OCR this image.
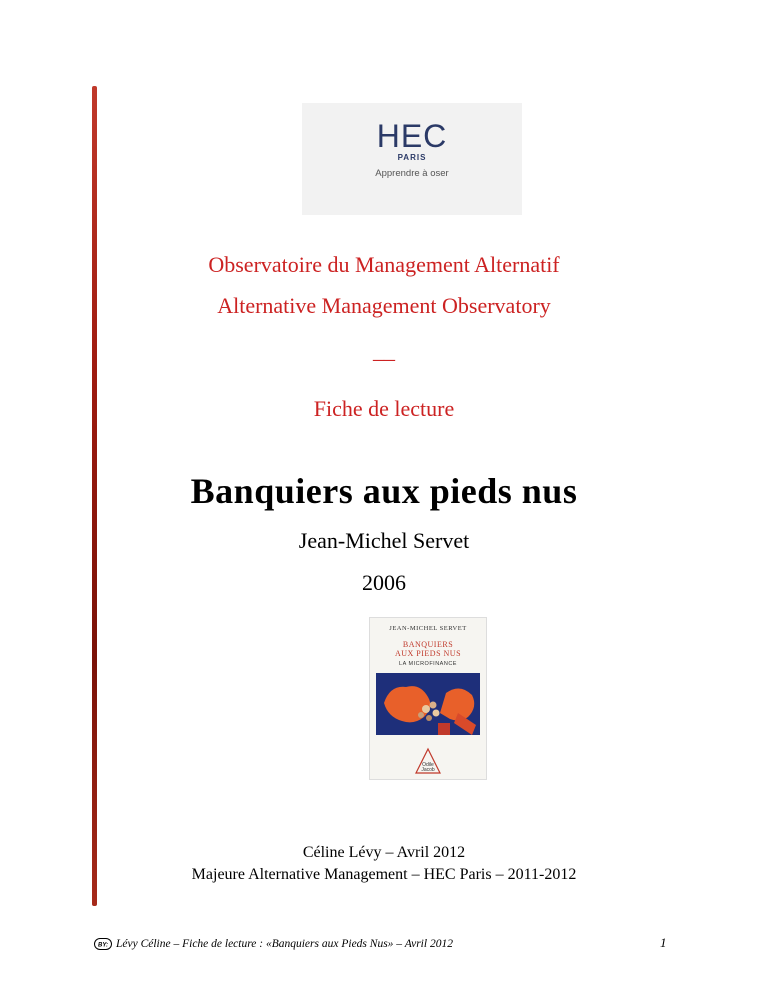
HEC
PARIS
Apprendre à oser
Observatoire du Management Alternatif
Alternative Management Observatory
__
Fiche de lecture
Banquiers aux pieds nus
Jean-Michel Servet
2006
JEAN-MICHEL SERVET
BANQUIERS
AUX PIEDS NUS
LA MICROFINANCE
Odile
Jacob
Céline Lévy – Avril 2012
Majeure Alternative Management – HEC Paris – 2011-2012
BY: Lévy Céline – Fiche de lecture : «Banquiers aux Pieds Nus» – Avril 2012	1
